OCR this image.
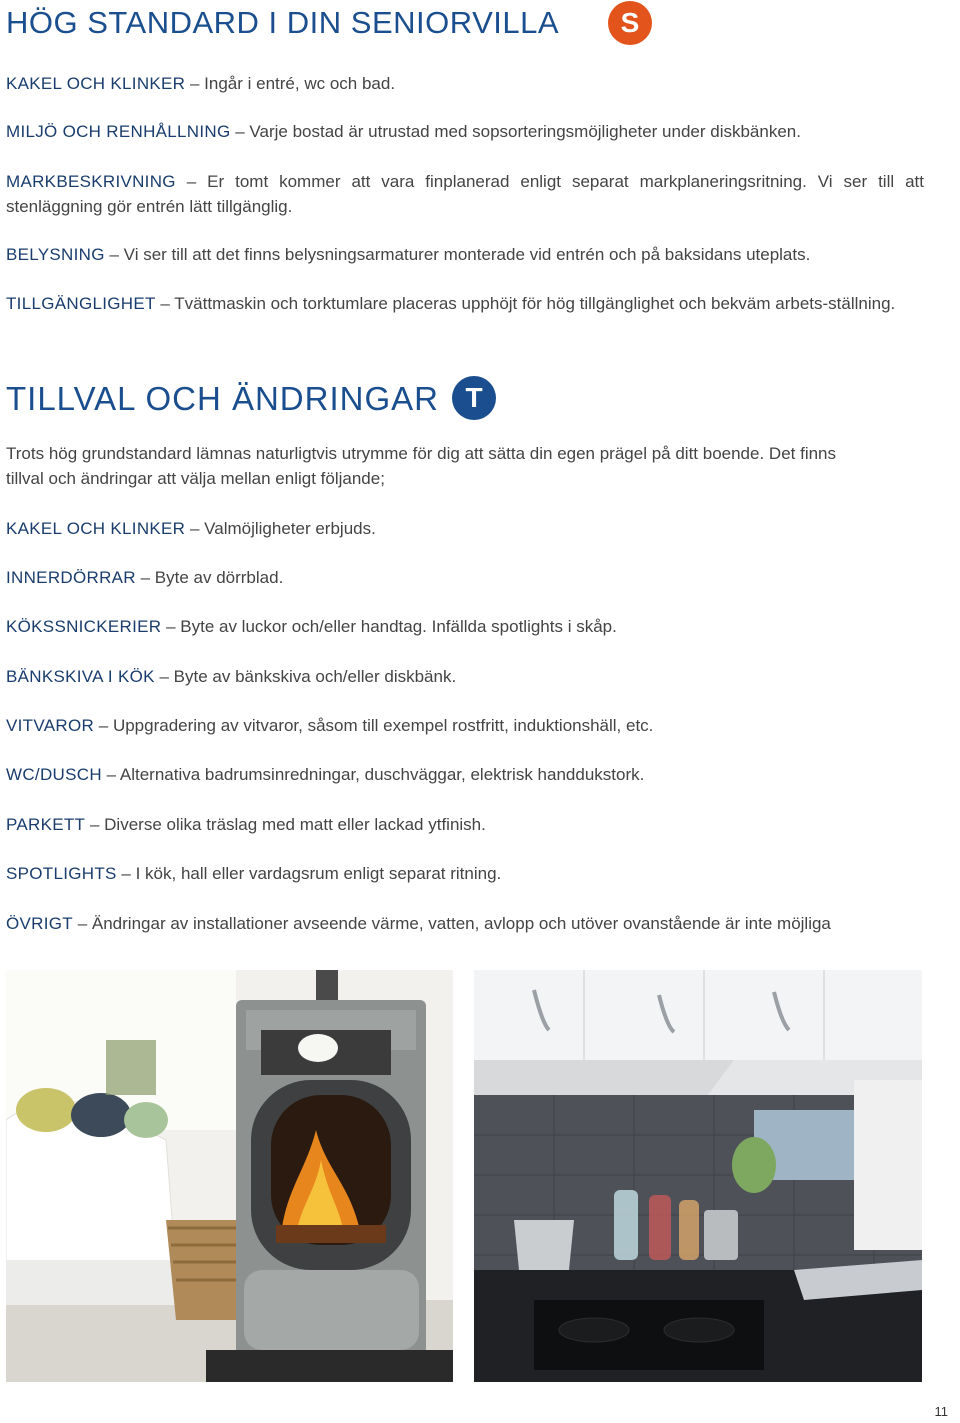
HÖG STANDARD I DIN SENIORVILLA	S

KAKEL OCH KLINKER – Ingår i entré, wc och bad.

MILJÖ OCH RENHÅLLNING – Varje bostad är utrustad med sopsorteringsmöjligheter under diskbänken.

MARKBESKRIVNING – Er tomt kommer att vara finplanerad enligt separat markplaneringsritning. Vi ser till att stenläggning gör entrén lätt tillgänglig.

BELYSNING – Vi ser till att det finns belysningsarmaturer monterade vid entrén och på baksidans uteplats.

TILLGÄNGLIGHET – Tvättmaskin och torktumlare placeras upphöjt för hög tillgänglighet och bekväm arbets-ställning.

TILLVAL OCH ÄNDRINGAR T

Trots hög grundstandard lämnas naturligtvis utrymme för dig att sätta din egen prägel på ditt boende. Det finns tillval och ändringar att välja mellan enligt följande;

KAKEL OCH KLINKER – Valmöjligheter erbjuds.

INNERDÖRRAR – Byte av dörrblad.

KÖKSSNICKERIER – Byte av luckor och/eller handtag. Infällda spotlights i skåp.

BÄNKSKIVA I KÖK – Byte av bänkskiva och/eller diskbänk.

VITVAROR – Uppgradering av vitvaror, såsom till exempel rostfritt, induktionshäll, etc.

WC/DUSCH – Alternativa badrumsinredningar, duschväggar, elektrisk handdukstork.

PARKETT – Diverse olika träslag med matt eller lackad ytfinish.

SPOTLIGHTS – I kök, hall eller vardagsrum enligt separat ritning.

ÖVRIGT – Ändringar av installationer avseende värme, vatten, avlopp och utöver ovanstående är inte möjliga

11
